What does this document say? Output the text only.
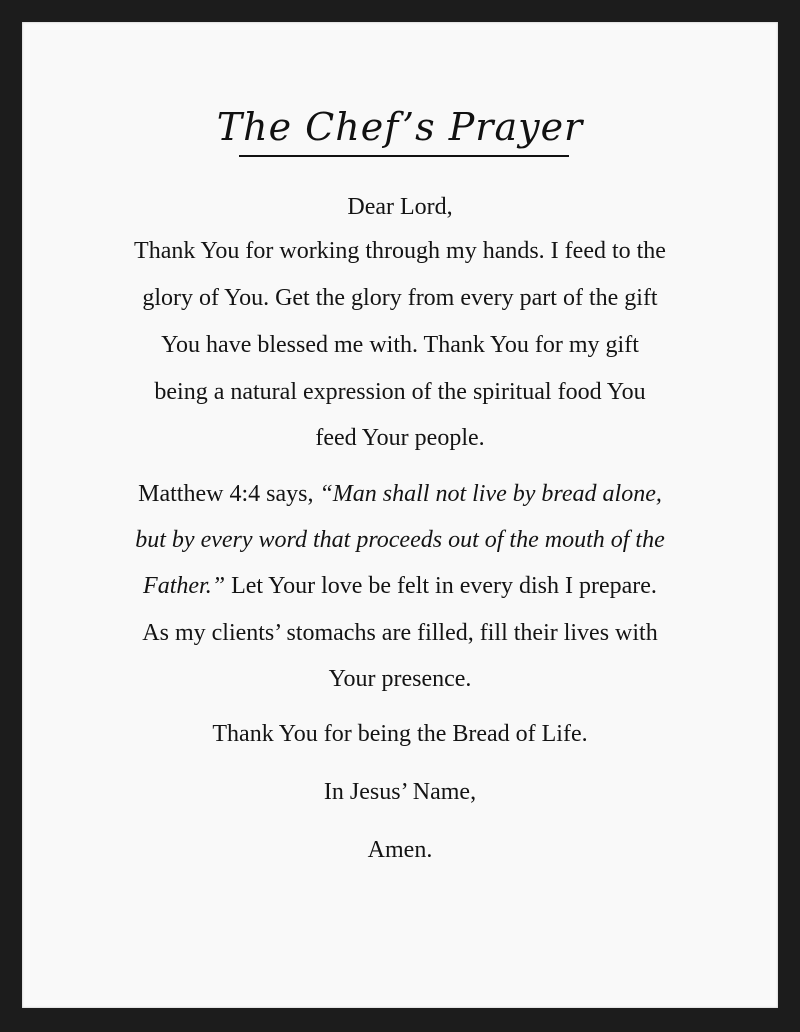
The Chef’s Prayer
Dear Lord,
Thank You for working through my hands. I feed to the
glory of You. Get the glory from every part of the gift
You have blessed me with. Thank You for my gift
being a natural expression of the spiritual food You
feed Your people.
Matthew 4:4 says, “Man shall not live by bread alone,
but by every word that proceeds out of the mouth of the
Father.” Let Your love be felt in every dish I prepare.
As my clients’ stomachs are filled, fill their lives with
Your presence.
Thank You for being the Bread of Life.
In Jesus’ Name,
Amen.
